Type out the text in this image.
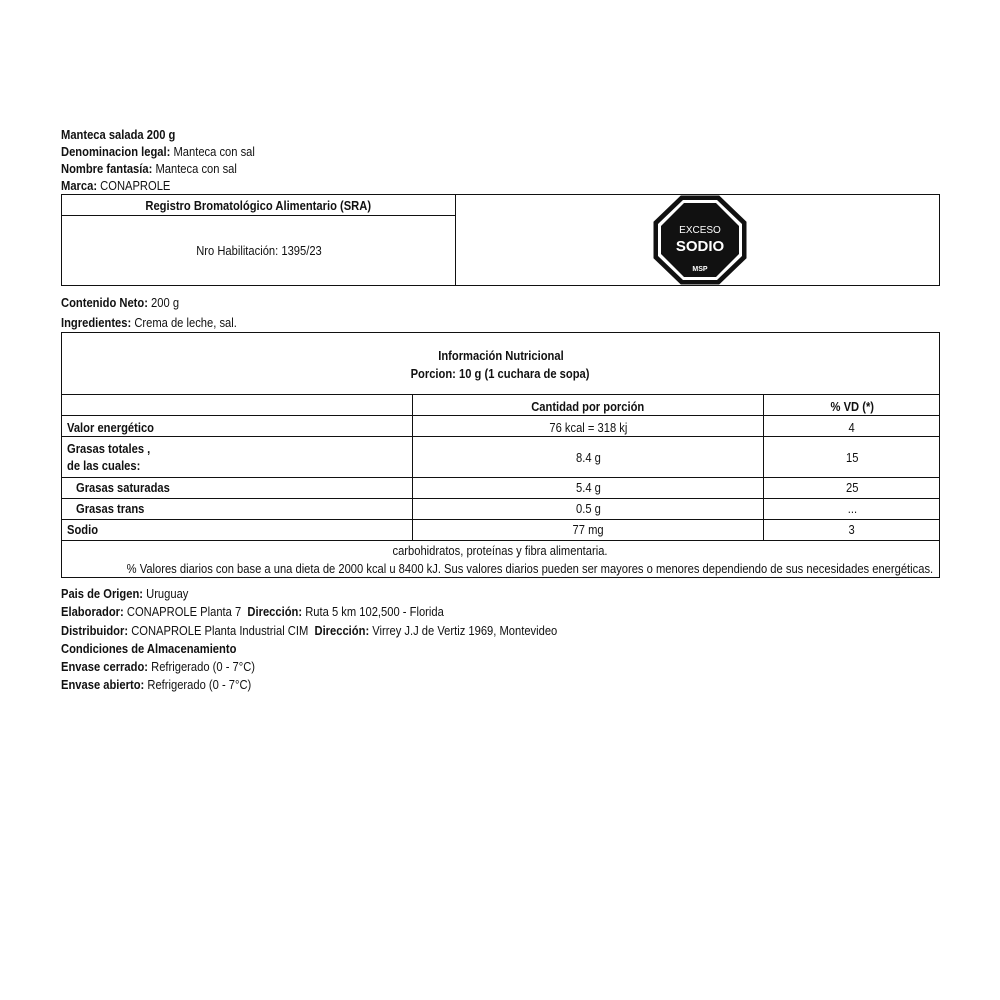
Manteca salada 200 g
Denominacion legal: Manteca con sal
Nombre fantasía: Manteca con sal
Marca: CONAPROLE
Registro Bromatológico Alimentario (SRA)
Nro Habilitación: 1395/23
EXCESO
SODIO
MSP
Contenido Neto: 200 g
Ingredientes: Crema de leche, sal.
Información Nutricional
Porcion: 10 g (1 cuchara de sopa)
Cantidad por porción	% VD (*)
Valor energético	76 kcal = 318 kj	4
Grasas totales ,
de las cuales:
8.4 g	15
Grasas saturadas	5.4 g	25
Grasas trans	0.5 g	...
Sodio	77 mg	3
carbohidratos, proteínas y fibra alimentaria.
% Valores diarios con base a una dieta de 2000 kcal u 8400 kJ. Sus valores diarios pueden ser mayores o menores dependiendo de sus necesidades energéticas.
Pais de Origen: Uruguay
Elaborador: CONAPROLE Planta 7 Dirección: Ruta 5 km 102,500 - Florida
Distribuidor: CONAPROLE Planta Industrial CIM Dirección: Virrey J.J de Vertiz 1969, Montevideo
Condiciones de Almacenamiento
Envase cerrado: Refrigerado (0 - 7°C)
Envase abierto: Refrigerado (0 - 7°C)
